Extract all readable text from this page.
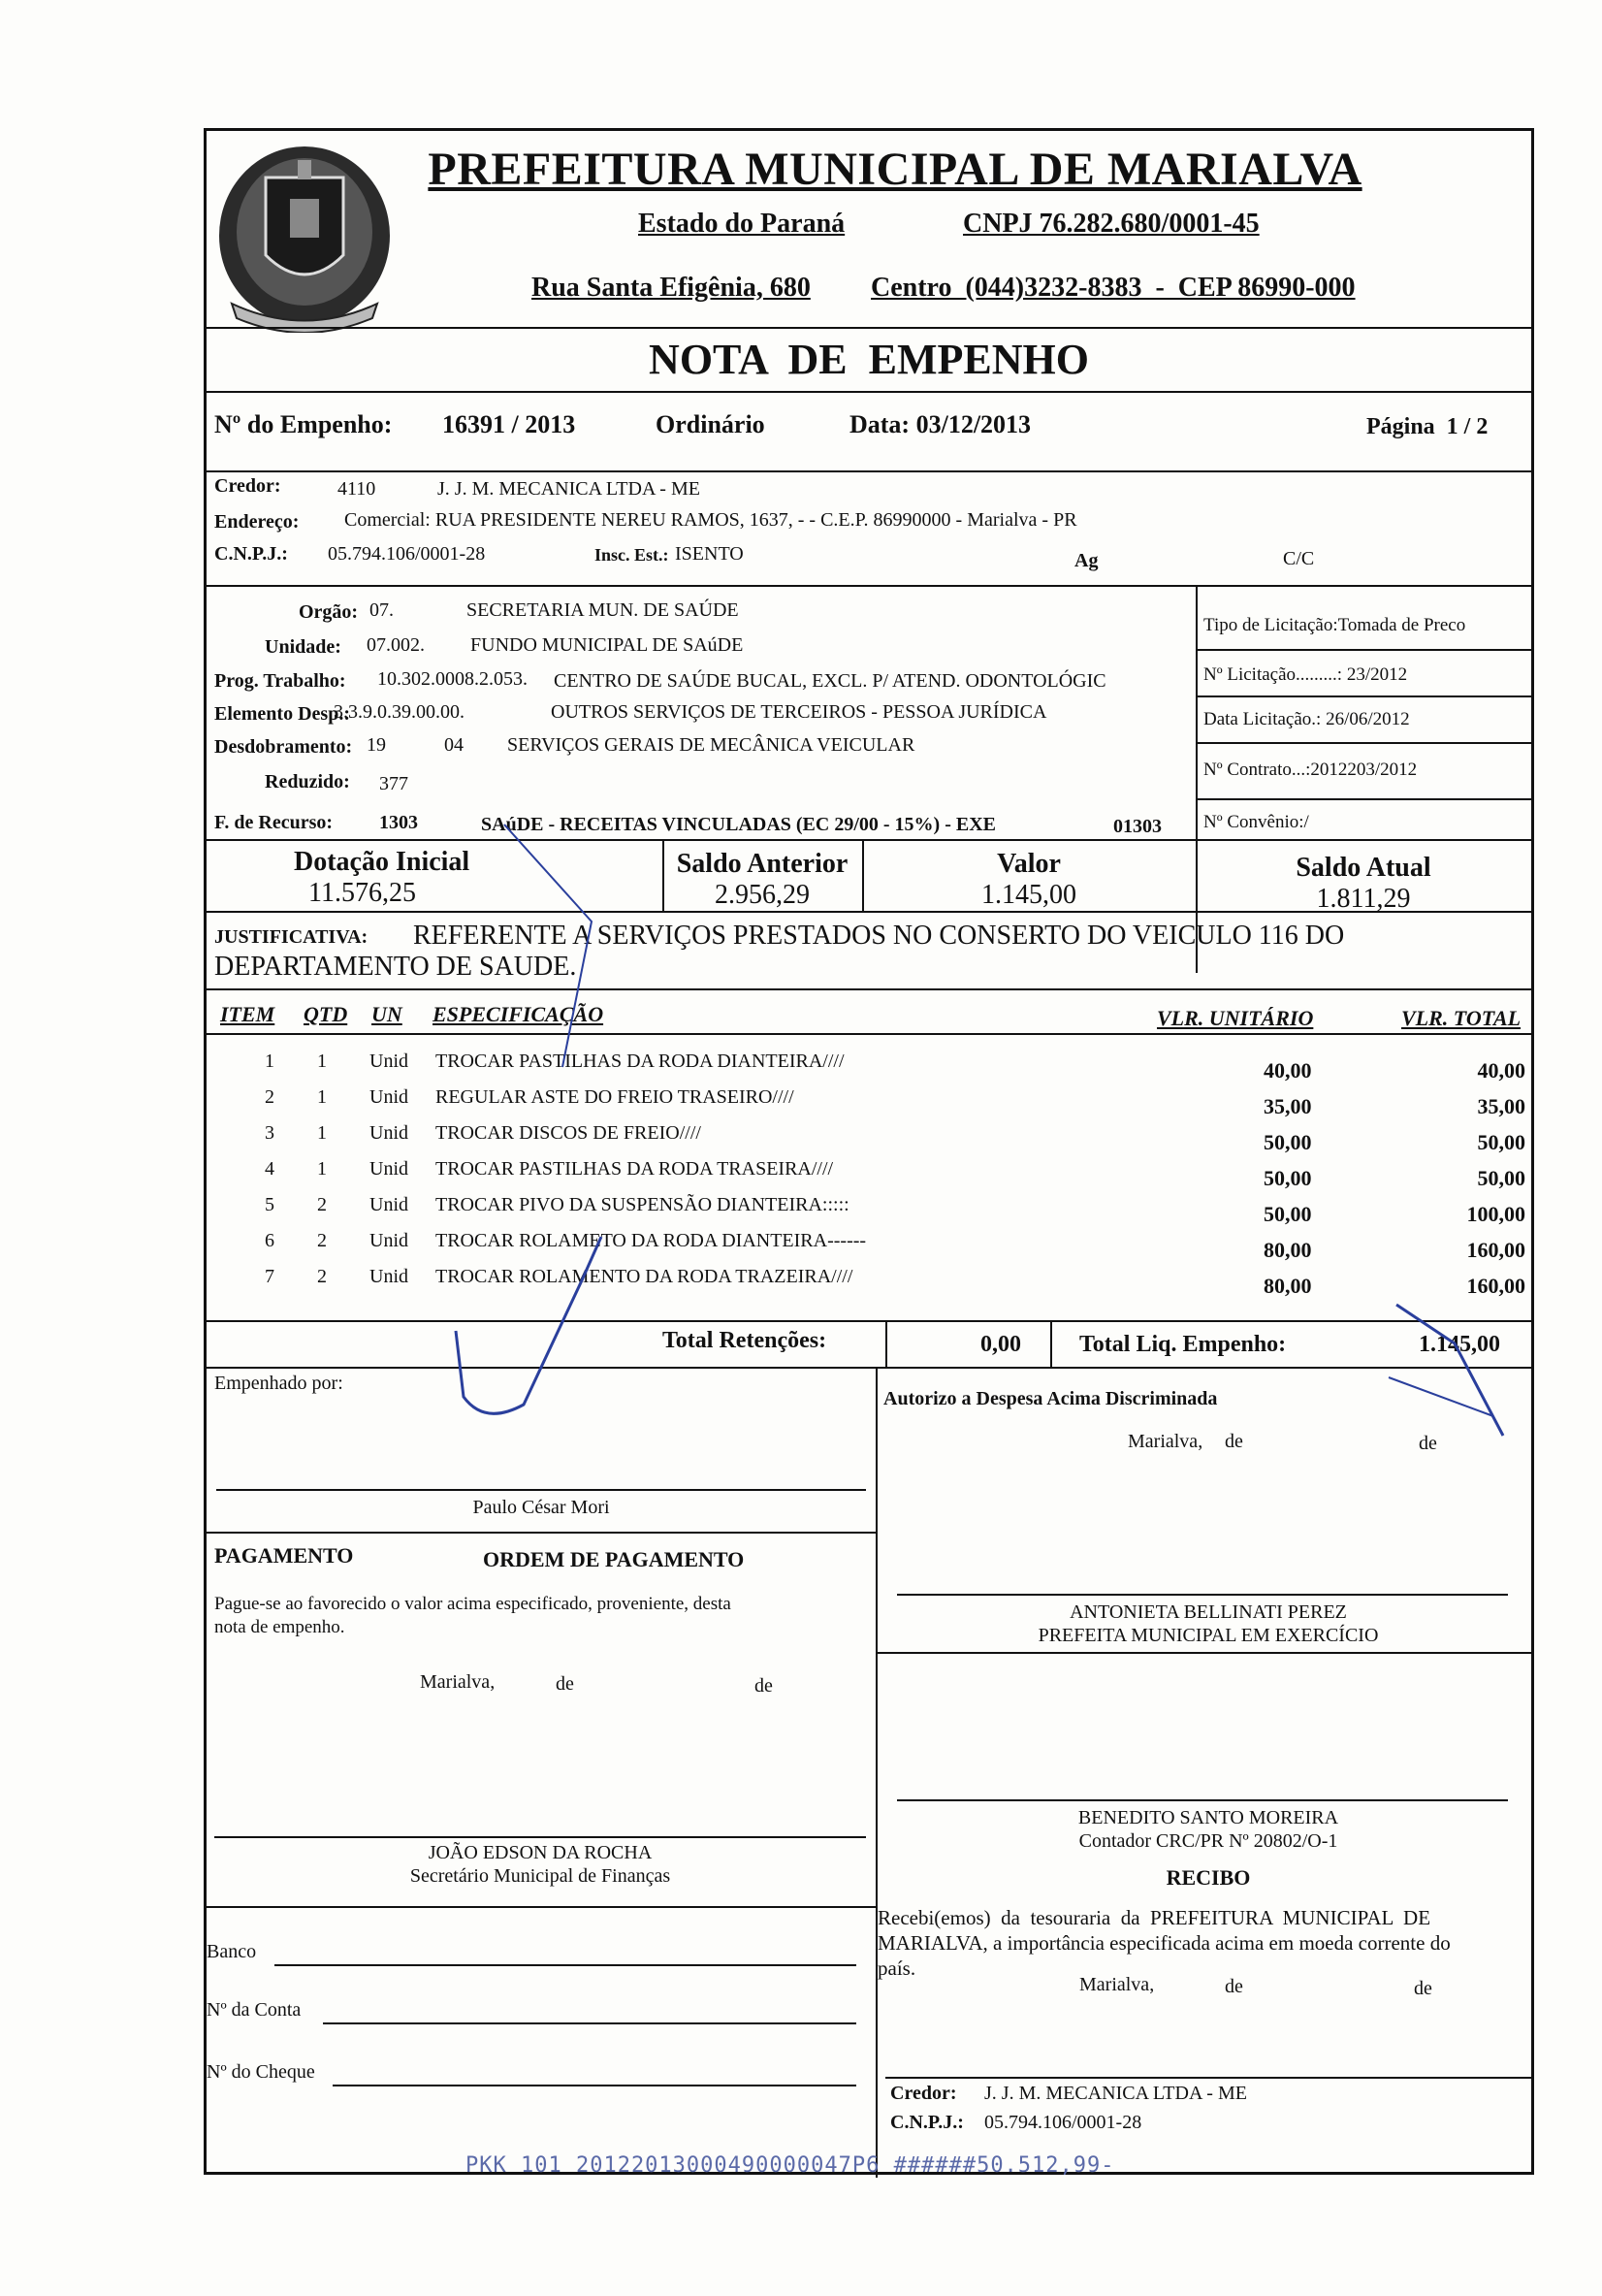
PREFEITURA MUNICIPAL DE MARIALVA
Estado do Paraná	CNPJ 76.282.680/0001-45
Rua Santa Efigênia, 680 Centro  (044)3232-8383  -  CEP 86990-000
NOTA  DE  EMPENHO
Nº do Empenho: 16391 / 2013	Ordinário	Data: 03/12/2013	Página  1 / 2
Credor:	4110	J. J. M. MECANICA LTDA - ME
Endereço: Comercial: RUA PRESIDENTE NEREU RAMOS, 1637, - - C.E.P. 86990000 - Marialva - PR
C.N.P.J.: 05.794.106/0001-28	Insc. Est.: ISENTO	Ag	C/C
Orgão: 07.	SECRETARIA MUN. DE SAÚDE
Unidade: 07.002. FUNDO MUNICIPAL DE SAúDE
Prog. Trabalho: 10.302.0008.2.053. CENTRO DE SAÚDE BUCAL, EXCL. P/ ATEND. ODONTOLÓGIC
Elemento Desp.:
3.3.9.0.39.00.00.	OUTROS SERVIÇOS DE TERCEIROS - PESSOA JURÍDICA
Desdobramento: 19	04 SERVIÇOS GERAIS DE MECÂNICA VEICULAR
Reduzido: 377
F. de Recurso: 1303	SAúDE - RECEITAS VINCULADAS (EC 29/00 - 15%) - EXE	01303
Tipo de Licitação:Tomada de Preco
Nº Licitação.........: 23/2012
Data Licitação.: 26/06/2012
Nº Contrato...:2012203/2012
Nº Convênio:/
Dotação Inicial
11.576,25
Saldo Anterior
2.956,29
Valor
1.145,00
Saldo Atual
1.811,29
JUSTIFICATIVA: REFERENTE A SERVIÇOS PRESTADOS NO CONSERTO DO VEICULO 116 DO
DEPARTAMENTO DE SAUDE.
ITEM QTD UN ESPECIFICAÇÃO	VLR. UNITÁRIO	VLR. TOTAL
1 1 Unid TROCAR PASTILHAS DA RODA DIANTEIRA////	40,00	40,00
2 1 Unid REGULAR ASTE DO FREIO TRASEIRO////	35,00	35,00
3 1 Unid TROCAR DISCOS DE FREIO////	50,00	50,00
4 1 Unid TROCAR PASTILHAS DA RODA TRASEIRA////	50,00	50,00
5 2 Unid TROCAR PIVO DA SUSPENSÃO DIANTEIRA:::::	50,00	100,00
6 2 Unid TROCAR ROLAMETO DA RODA DIANTEIRA------	80,00	160,00
7 2 Unid TROCAR ROLAMENTO DA RODA TRAZEIRA////	80,00	160,00
Total Retenções:	0,00	Total Liq. Empenho:	1.145,00
Empenhado por:
Autorizo a Despesa Acima Discriminada
Marialva, de	de
Paulo César Mori
PAGAMENTO	ORDEM DE PAGAMENTO
Pague-se ao favorecido o valor acima especificado, proveniente, desta
nota de empenho.
Marialva,	de	de
ANTONIETA BELLINATI PEREZ
PREFEITA MUNICIPAL EM EXERCÍCIO
BENEDITO SANTO MOREIRA
Contador CRC/PR Nº 20802/O-1
JOÃO EDSON DA ROCHA
Secretário Municipal de Finanças	RECIBO
Recebi(emos)  da  tesouraria  da  PREFEITURA  MUNICIPAL  DE
MARIALVA, a importância especificada acima em moeda corrente do
país.
Marialva,	de	de
Banco
Nº da Conta
Nº do Cheque
Credor: J. J. M. MECANICA LTDA - ME
C.N.P.J.: 05.794.106/0001-28
PKK 101 20122013000490000047P6 ######50.512,99-
